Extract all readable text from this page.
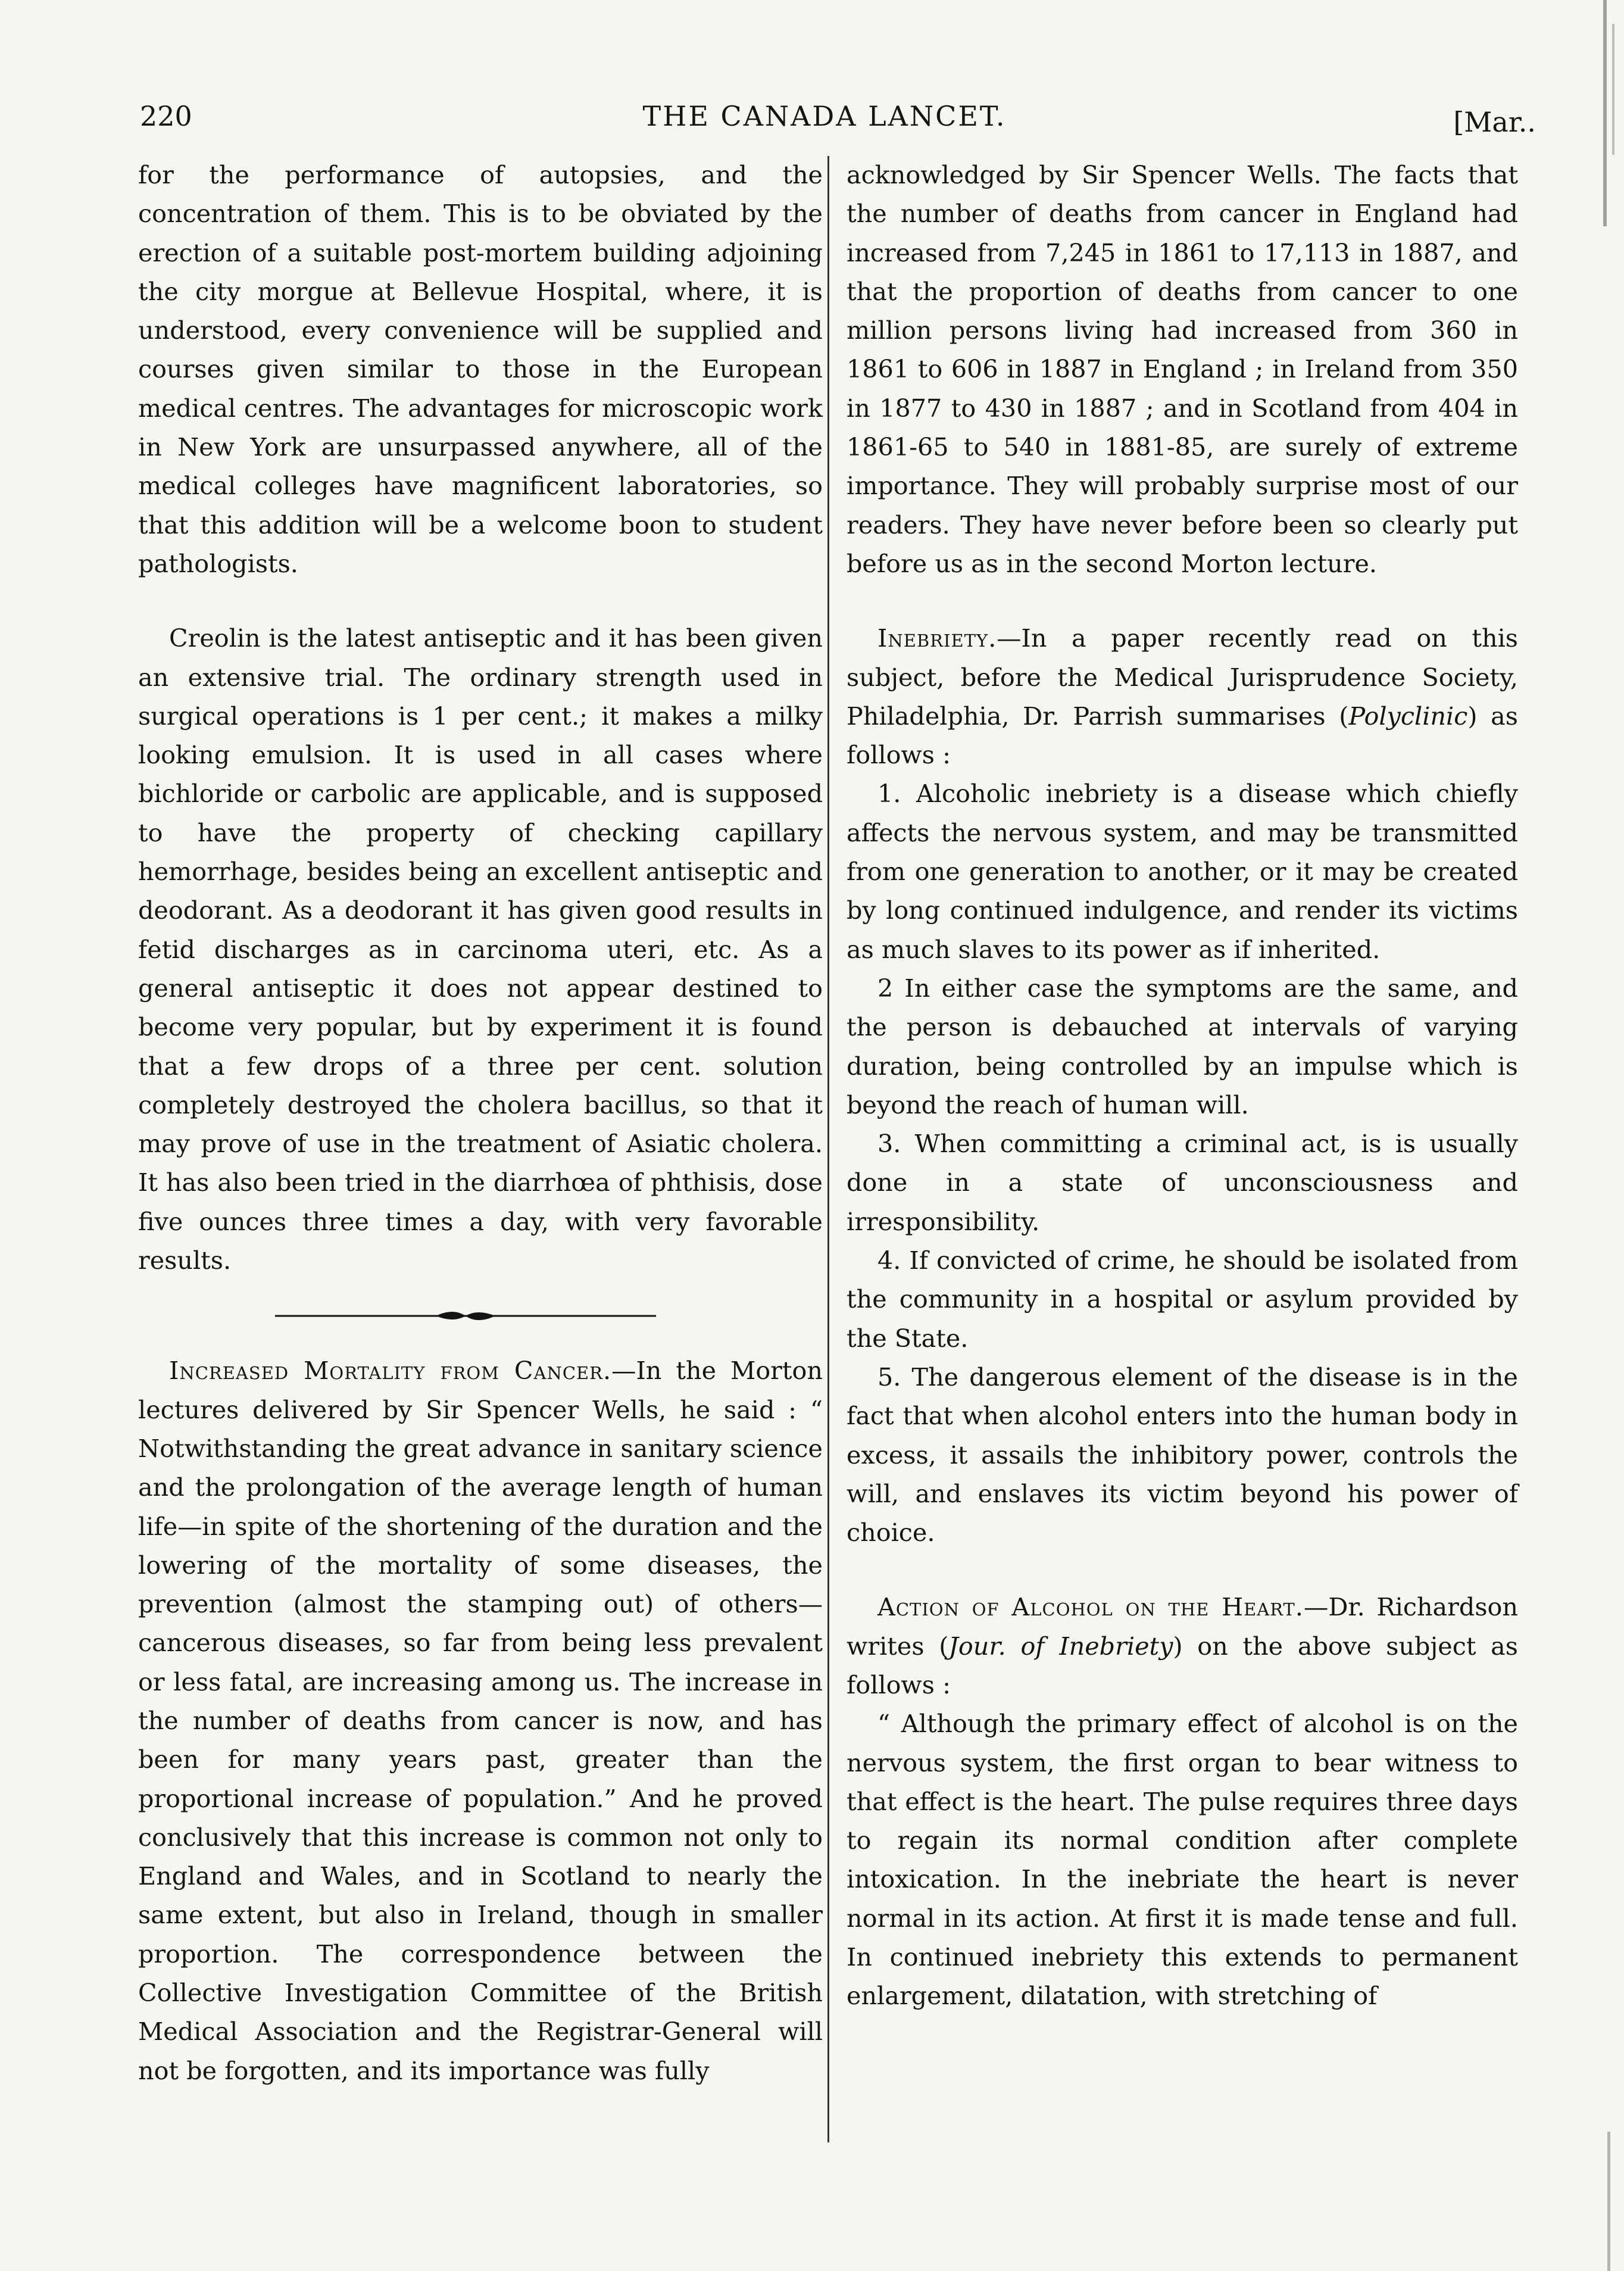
220	THE CANADA LANCET.	[Mar..

for the performance of autopsies, and the concentration of them. This is to be obviated by the erection of a suitable post-mortem building adjoining the city morgue at Bellevue Hospital, where, it is understood, every convenience will be supplied and courses given similar to those in the European medical centres. The advantages for microscopic work in New York are unsurpassed anywhere, all of the medical colleges have magnificent laboratories, so that this addition will be a welcome boon to student pathologists.

Creolin is the latest antiseptic and it has been given an extensive trial. The ordinary strength used in surgical operations is 1 per cent.; it makes a milky looking emulsion. It is used in all cases where bichloride or carbolic are applicable, and is supposed to have the property of checking capillary hemorrhage, besides being an excellent antiseptic and deodorant. As a deodorant it has given good results in fetid discharges as in carcinoma uteri, etc. As a general antiseptic it does not appear destined to become very popular, but by experiment it is found that a few drops of a three per cent. solution completely destroyed the cholera bacillus, so that it may prove of use in the treatment of Asiatic cholera. It has also been tried in the diarrhœa of phthisis, dose five ounces three times a day, with very favorable results.

Increased Mortality from Cancer.—In the Morton lectures delivered by Sir Spencer Wells, he said : “ Notwithstanding the great advance in sanitary science and the prolongation of the average length of human life—in spite of the shortening of the duration and the lowering of the mortality of some diseases, the prevention (almost the stamping out) of others—cancerous diseases, so far from being less prevalent or less fatal, are increasing among us. The increase in the number of deaths from cancer is now, and has been for many years past, greater than the proportional increase of population.” And he proved conclusively that this increase is common not only to England and Wales, and in Scotland to nearly the same extent, but also in Ireland, though in smaller proportion. The correspondence between the Collective Investigation Committee of the British Medical Association and the Registrar-General will not be forgotten, and its importance was fully

acknowledged by Sir Spencer Wells. The facts that the number of deaths from cancer in England had increased from 7,245 in 1861 to 17,113 in 1887, and that the proportion of deaths from cancer to one million persons living had increased from 360 in 1861 to 606 in 1887 in England ; in Ireland from 350 in 1877 to 430 in 1887 ; and in Scotland from 404 in 1861-65 to 540 in 1881-85, are surely of extreme importance. They will probably surprise most of our readers. They have never before been so clearly put before us as in the second Morton lecture.

Inebriety.—In a paper recently read on this subject, before the Medical Jurisprudence Society, Philadelphia, Dr. Parrish summarises (Polyclinic) as follows :

1. Alcoholic inebriety is a disease which chiefly affects the nervous system, and may be transmitted from one generation to another, or it may be created by long continued indulgence, and render its victims as much slaves to its power as if inherited.

2 In either case the symptoms are the same, and the person is debauched at intervals of varying duration, being controlled by an impulse which is beyond the reach of human will.

3. When committing a criminal act, is is usually done in a state of unconsciousness and irresponsibility.

4. If convicted of crime, he should be isolated from the community in a hospital or asylum provided by the State.

5. The dangerous element of the disease is in the fact that when alcohol enters into the human body in excess, it assails the inhibitory power, controls the will, and enslaves its victim beyond his power of choice.

Action of Alcohol on the Heart.—Dr. Richardson writes (Jour. of Inebriety) on the above subject as follows :

“ Although the primary effect of alcohol is on the nervous system, the first organ to bear witness to that effect is the heart. The pulse requires three days to regain its normal condition after complete intoxication. In the inebriate the heart is never normal in its action. At first it is made tense and full. In continued inebriety this extends to permanent enlargement, dilatation, with stretching of
